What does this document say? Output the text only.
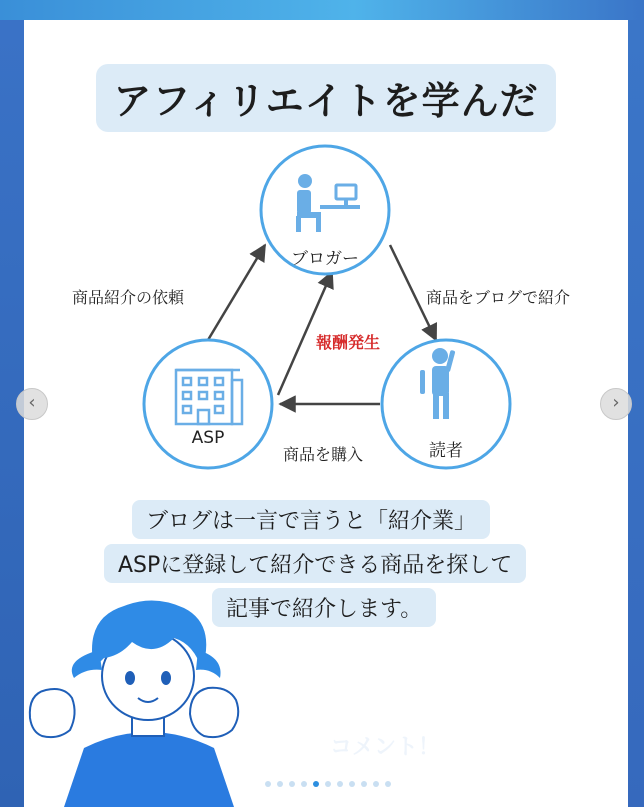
アフィリエイトを学んだ
ブロガー
ASP
読者
商品紹介の依頼	商品をブログで紹介
商品を購入
報酬発生
ブログは一言で言うと「紹介業」
ASPに登録して紹介できる商品を探して
記事で紹介します。
コメント！
‹	›
